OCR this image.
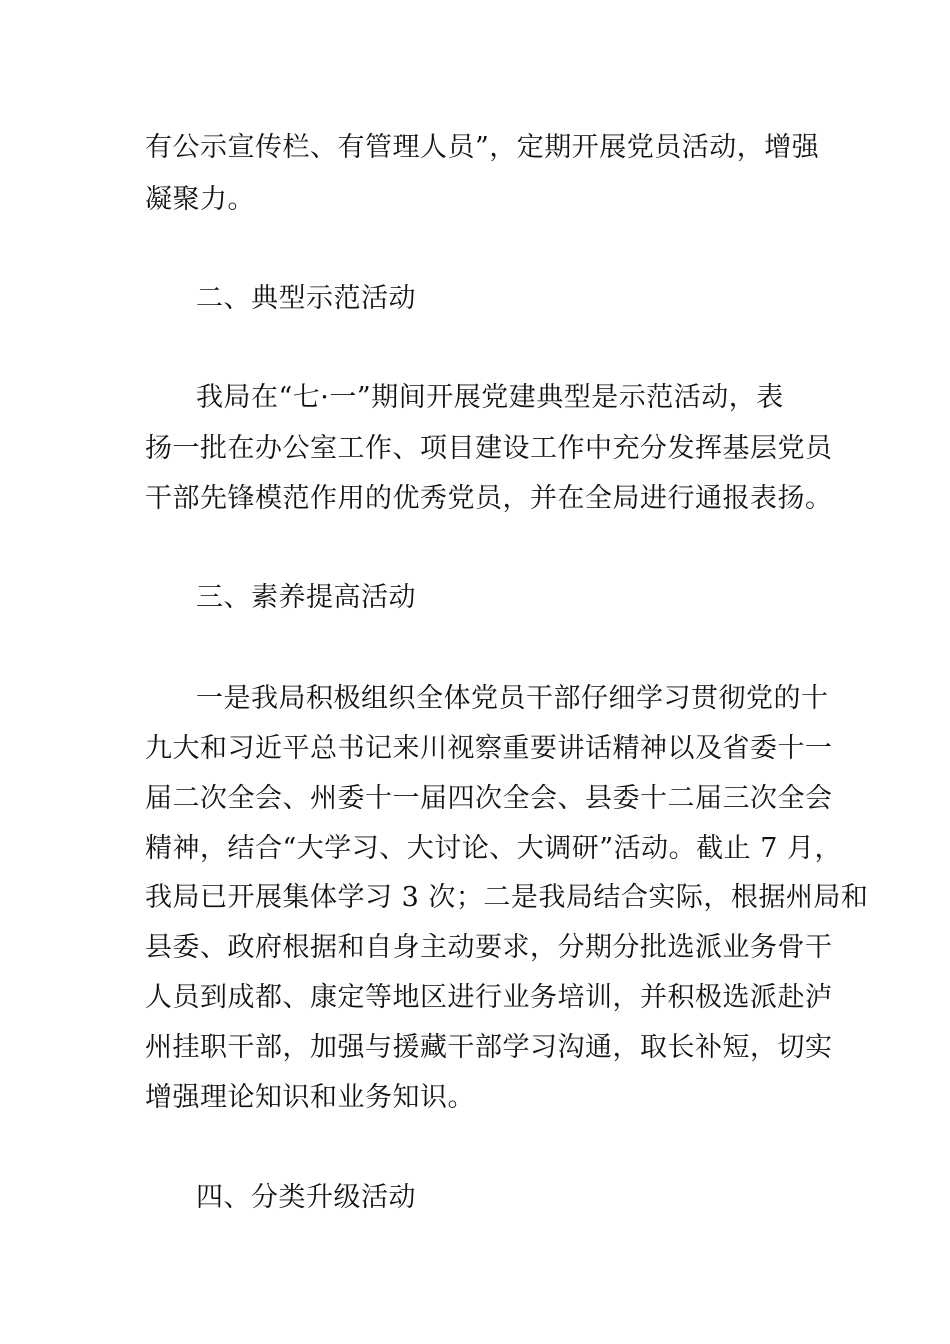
有公示宣传栏、有管理人员”，定期开展党员活动，增强
凝聚力。
二、典型示范活动
我局在“七·一”期间开展党建典型是示范活动，表
扬一批在办公室工作、项目建设工作中充分发挥基层党员
干部先锋模范作用的优秀党员，并在全局进行通报表扬。
三、素养提高活动
一是我局积极组织全体党员干部仔细学习贯彻党的十
九大和习近平总书记来川视察重要讲话精神以及省委十一
届二次全会、州委十一届四次全会、县委十二届三次全会
精神，结合“大学习、大讨论、大调研”活动。截止 7 月，
我局已开展集体学习 3 次；二是我局结合实际，根据州局和
县委、政府根据和自身主动要求，分期分批选派业务骨干
人员到成都、康定等地区进行业务培训，并积极选派赴泸
州挂职干部，加强与援藏干部学习沟通，取长补短，切实
增强理论知识和业务知识。
四、分类升级活动
